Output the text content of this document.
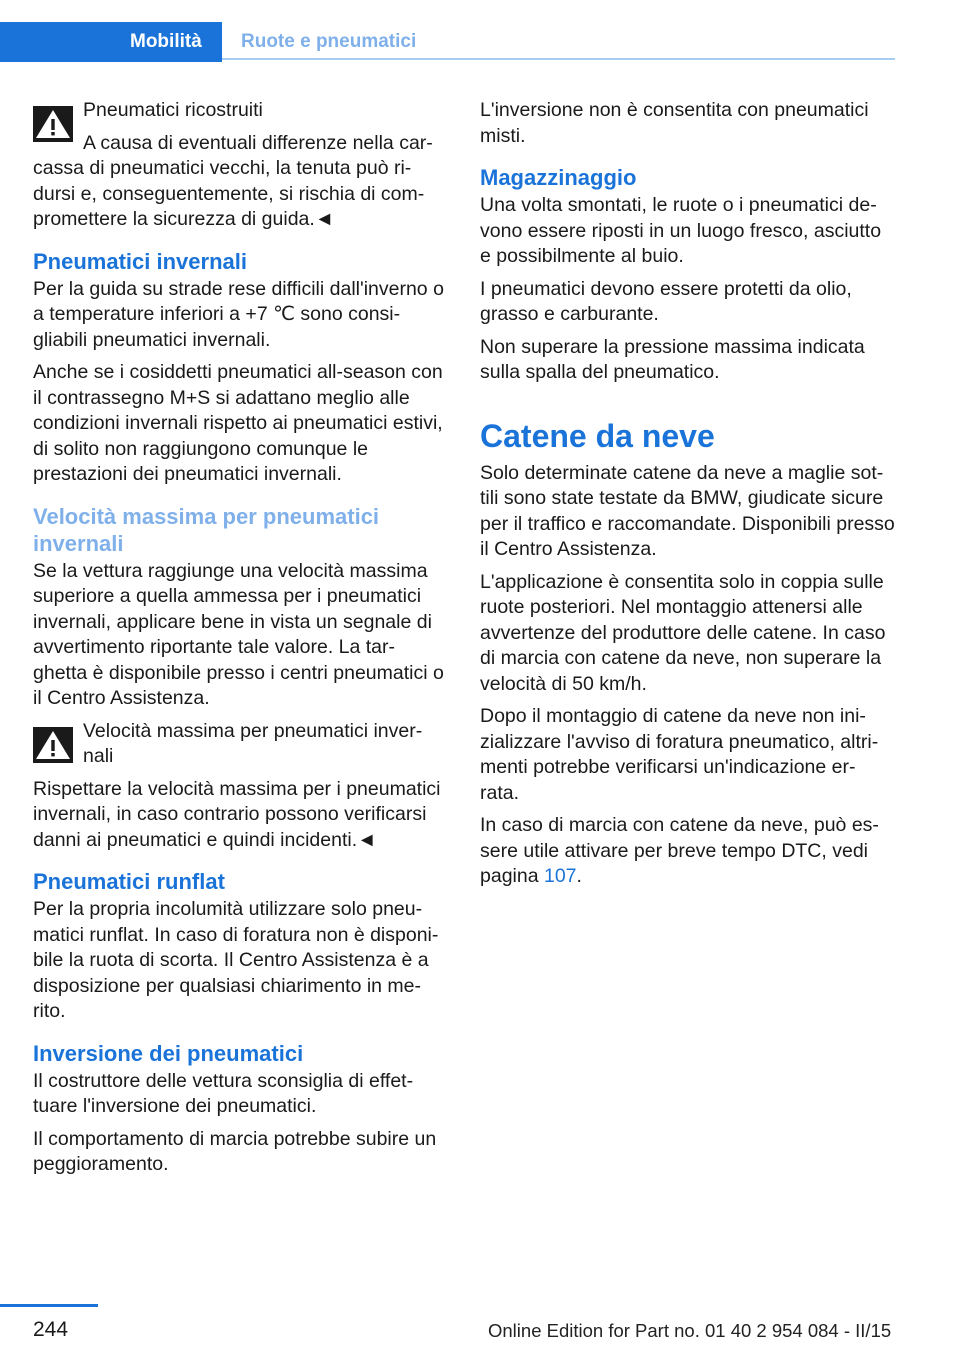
Mobilità	Ruote e pneumatici

Pneumatici ricostruiti

A causa di eventuali differenze nella car‐

cassa di pneumatici vecchi, la tenuta può ri‐ dursi e, conseguentemente, si rischia di com‐ promettere la sicurezza di guida.◄

Pneumatici invernali

Per la guida su strade rese difficili dall'inverno o a temperature inferiori a +7 ℃ sono consi‐ gliabili pneumatici invernali.

Anche se i cosiddetti pneumatici all-season con il contrassegno M+S si adattano meglio alle condizioni invernali rispetto ai pneumatici estivi, di solito non raggiungono comunque le prestazioni dei pneumatici invernali.

Velocità massima per pneumatici invernali

Se la vettura raggiunge una velocità massima superiore a quella ammessa per i pneumatici invernali, applicare bene in vista un segnale di avvertimento riportante tale valore. La tar‐ ghetta è disponibile presso i centri pneumatici o il Centro Assistenza.

Velocità massima per pneumatici inver‐ nali

Rispettare la velocità massima per i pneumatici invernali, in caso contrario possono verificarsi danni ai pneumatici e quindi incidenti.◄

Pneumatici runflat

Per la propria incolumità utilizzare solo pneu‐ matici runflat. In caso di foratura non è disponi‐ bile la ruota di scorta. Il Centro Assistenza è a disposizione per qualsiasi chiarimento in me‐ rito.

Inversione dei pneumatici

Il costruttore delle vettura sconsiglia di effet‐ tuare l'inversione dei pneumatici.

Il comportamento di marcia potrebbe subire un peggioramento.

L'inversione non è consentita con pneumatici misti.

Magazzinaggio

Una volta smontati, le ruote o i pneumatici de‐ vono essere riposti in un luogo fresco, asciutto e possibilmente al buio.

I pneumatici devono essere protetti da olio, grasso e carburante.

Non superare la pressione massima indicata sulla spalla del pneumatico.

Catene da neve

Solo determinate catene da neve a maglie sot‐ tili sono state testate da BMW, giudicate sicure per il traffico e raccomandate. Disponibili presso il Centro Assistenza.

L'applicazione è consentita solo in coppia sulle ruote posteriori. Nel montaggio attenersi alle avvertenze del produttore delle catene. In caso di marcia con catene da neve, non superare la velocità di 50 km/h.

Dopo il montaggio di catene da neve non ini‐ zializzare l'avviso di foratura pneumatico, altri‐ menti potrebbe verificarsi un'indicazione er‐ rata.

In caso di marcia con catene da neve, può es‐ sere utile attivare per breve tempo DTC, vedi pagina 107.

244	Online Edition for Part no. 01 40 2 954 084 - II/15
